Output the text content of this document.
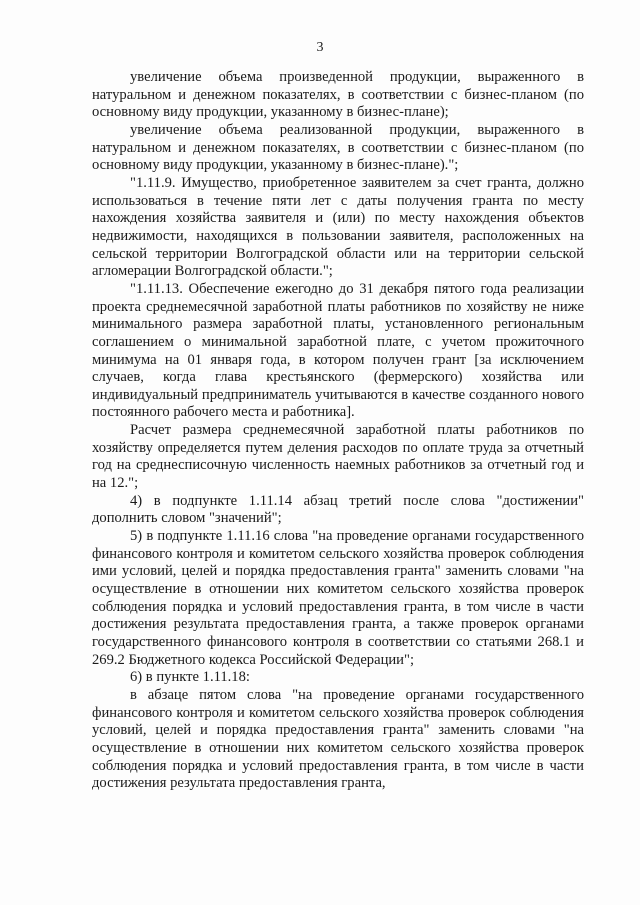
3

увеличение объема произведенной продукции, выраженного в натуральном и денежном показателях, в соответствии с бизнес-планом (по основному виду продукции, указанному в бизнес-плане);

увеличение объема реализованной продукции, выраженного в натуральном и денежном показателях, в соответствии с бизнес-планом (по основному виду продукции, указанному в бизнес-плане).";

"1.11.9. Имущество, приобретенное заявителем за счет гранта, должно использоваться в течение пяти лет с даты получения гранта по месту нахождения хозяйства заявителя и (или) по месту нахождения объектов недвижимости, находящихся в пользовании заявителя, расположенных на сельской территории Волгоградской области или на территории сельской агломерации Волгоградской области.";

"1.11.13. Обеспечение ежегодно до 31 декабря пятого года реализации проекта среднемесячной заработной платы работников по хозяйству не ниже минимального размера заработной платы, установленного региональным соглашением о минимальной заработной плате, с учетом прожиточного минимума на 01 января года, в котором получен грант [за исключением случаев, когда глава крестьянского (фермерского) хозяйства или индивидуальный предприниматель учитываются в качестве созданного нового постоянного рабочего места и работника].

Расчет размера среднемесячной заработной платы работников по хозяйству определяется путем деления расходов по оплате труда за отчетный год на среднесписочную численность наемных работников за отчетный год и на 12.";

4) в подпункте 1.11.14 абзац третий после слова "достижении" дополнить словом "значений";

5) в подпункте 1.11.16 слова "на проведение органами государственного финансового контроля и комитетом сельского хозяйства проверок соблюдения ими условий, целей и порядка предоставления гранта" заменить словами "на осуществление в отношении них комитетом сельского хозяйства проверок соблюдения порядка и условий предоставления гранта, в том числе в части достижения результата предоставления гранта, а также проверок органами государственного финансового контроля в соответствии со статьями 268.1 и 269.2 Бюджетного кодекса Российской Федерации";

6) в пункте 1.11.18:

в абзаце пятом слова "на проведение органами государственного финансового контроля и комитетом сельского хозяйства проверок соблюдения условий, целей и порядка предоставления гранта" заменить словами "на осуществление в отношении них комитетом сельского хозяйства проверок соблюдения порядка и условий предоставления гранта, в том числе в части достижения результата предоставления гранта,
